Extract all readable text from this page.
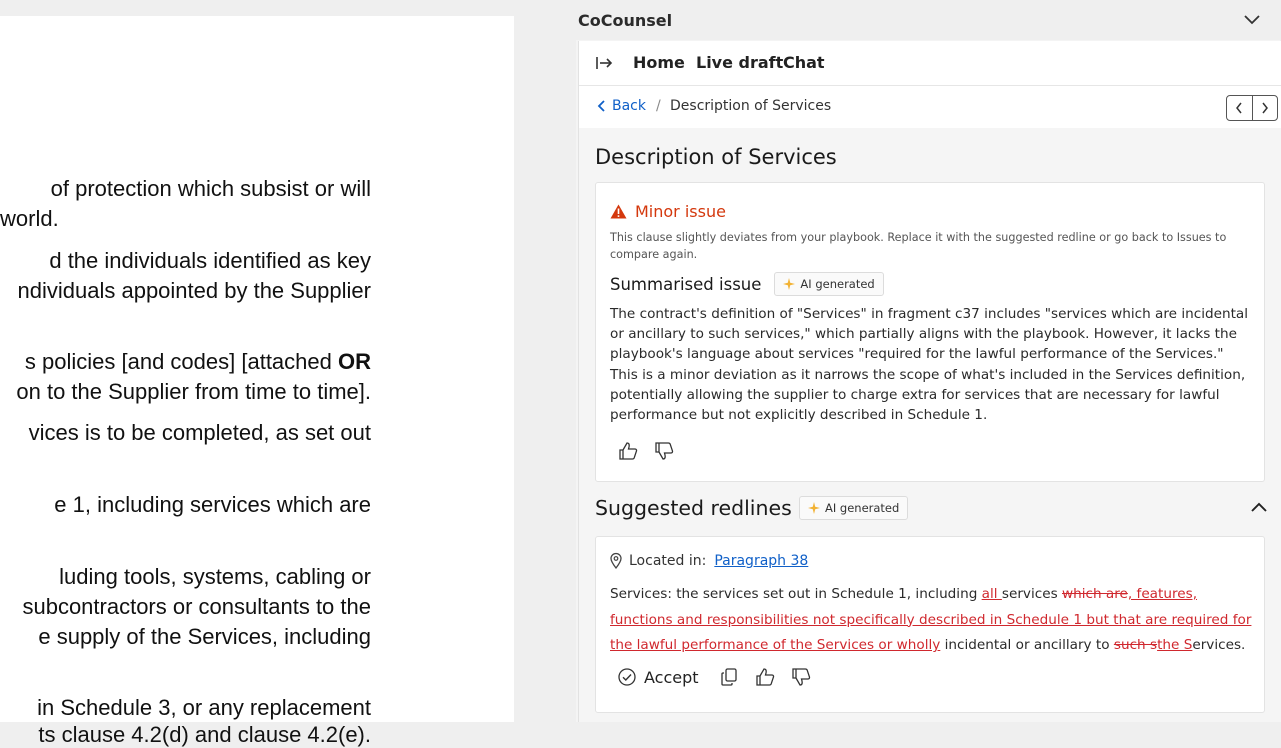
of protection which subsist or will
world.
d the individuals identified as key
ndividuals appointed by the Supplier
s policies [and codes] [attached OR
on to the Supplier from time to time].
vices is to be completed, as set out
e 1, including services which are
luding tools, systems, cabling or
subcontractors or consultants to the
e supply of the Services, including
in Schedule 3, or any replacement
ts clause 4.2(d) and clause 4.2(e).
CoCounsel
Home Live draft Chat
Back / Description of Services
Description of Services
Minor issue
This clause slightly deviates from your playbook. Replace it with the suggested redline or go back to Issues to compare again.
Summarised issue	AI generated
The contract's definition of "Services" in fragment c37 includes "services which are incidental or ancillary to such services," which partially aligns with the playbook. However, it lacks the playbook's language about services "required for the lawful performance of the Services." This is a minor deviation as it narrows the scope of what's included in the Services definition, potentially allowing the supplier to charge extra for services that are necessary for lawful performance but not explicitly described in Schedule 1.
Suggested redlines	AI generated
Located in: Paragraph 38
Services: the services set out in Schedule 1, including all services which are, features, functions and responsibilities not specifically described in Schedule 1 but that are required for the lawful performance of the Services or wholly incidental or ancillary to such sthe Services.
Accept
